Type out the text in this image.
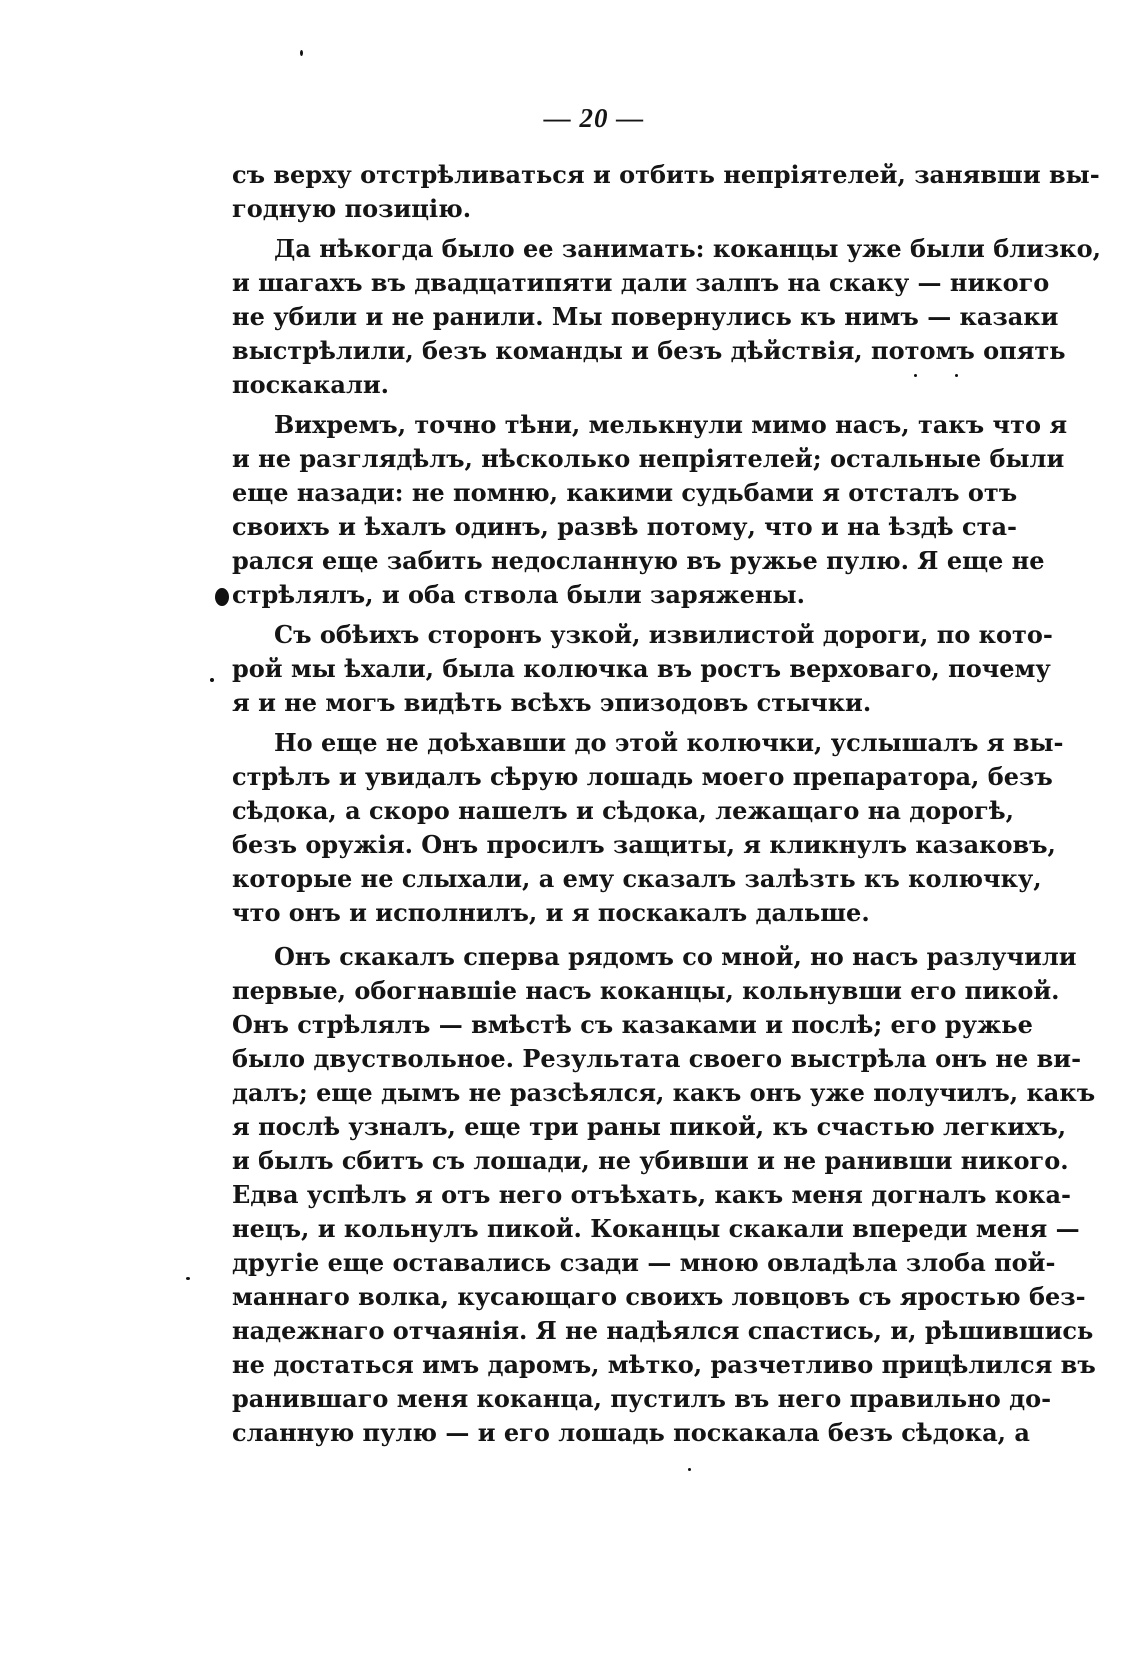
— 20 —
съ верху отстрѣливаться и отбить непріятелей, занявши вы-
годную позицію.
Да нѣкогда было ее занимать: коканцы уже были близко,
и шагахъ въ двадцатипяти дали залпъ на скаку — никого
не убили и не ранили. Мы повернулись къ нимъ — казаки
выстрѣлили, безъ команды и безъ дѣйствія, потомъ опять
поскакали.
Вихремъ, точно тѣни, мелькнули мимо насъ, такъ что я
и не разглядѣлъ, нѣсколько непріятелей; остальные были
еще назади: не помню, какими судьбами я отсталъ отъ
своихъ и ѣхалъ одинъ, развѣ потому, что и на ѣздѣ ста-
рался еще забить недосланную въ ружье пулю. Я еще не
стрѣлялъ, и оба ствола были заряжены.
Съ обѣихъ сторонъ узкой, извилистой дороги, по кото-
рой мы ѣхали, была колючка въ ростъ верховаго, почему
я и не могъ видѣть всѣхъ эпизодовъ стычки.
Но еще не доѣхавши до этой колючки, услышалъ я вы-
стрѣлъ и увидалъ сѣрую лошадь моего препаратора, безъ
сѣдока, а скоро нашелъ и сѣдока, лежащаго на дорогѣ,
безъ оружія. Онъ просилъ защиты, я кликнулъ казаковъ,
которые не слыхали, а ему сказалъ залѣзть къ колючку,
что онъ и исполнилъ, и я поскакалъ дальше.
Онъ скакалъ сперва рядомъ со мной, но насъ разлучили
первые, обогнавшіе насъ коканцы, кольнувши его пикой.
Онъ стрѣлялъ — вмѣстѣ съ казаками и послѣ; его ружье
было двуствольное. Результата своего выстрѣла онъ не ви-
далъ; еще дымъ не разсѣялся, какъ онъ уже получилъ, какъ
я послѣ узналъ, еще три раны пикой, къ счастью легкихъ,
и былъ сбитъ съ лошади, не убивши и не ранивши никого.
Едва успѣлъ я отъ него отъѣхать, какъ меня догналъ кока-
нецъ, и кольнулъ пикой. Коканцы скакали впереди меня —
другіе еще оставались сзади — мною овладѣла злоба пой-
маннаго волка, кусающаго своихъ ловцовъ съ яростью без-
надежнаго отчаянія. Я не надѣялся спастись, и, рѣшившись
не достаться имъ даромъ, мѣтко, разчетливо прицѣлился въ
ранившаго меня коканца, пустилъ въ него правильно до-
сланную пулю — и его лошадь поскакала безъ сѣдока, а
